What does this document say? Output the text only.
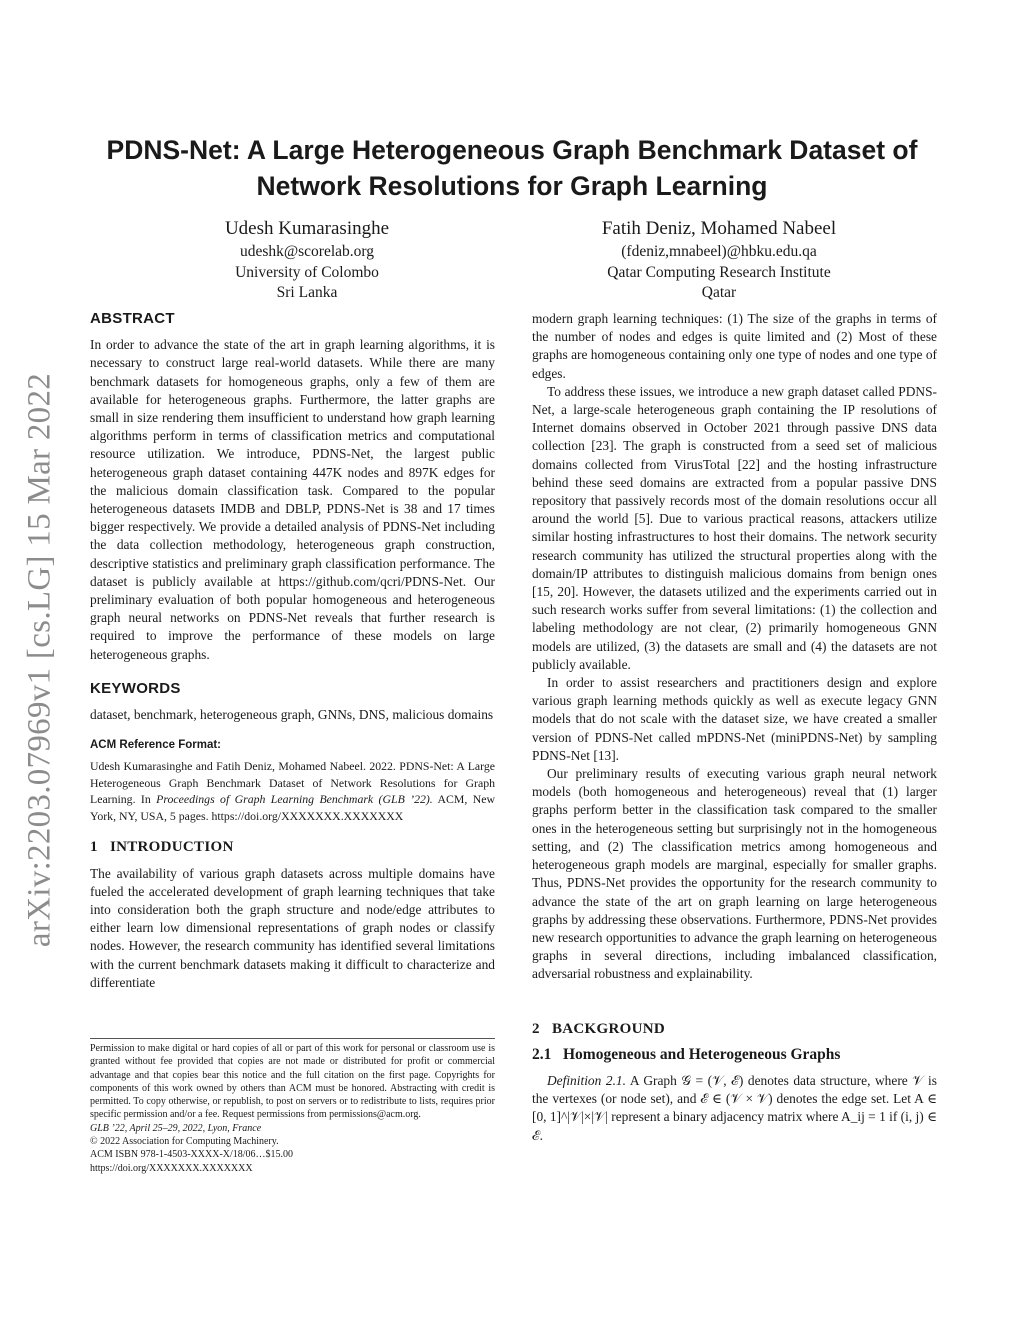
arXiv:2203.07969v1 [cs.LG] 15 Mar 2022
PDNS-Net: A Large Heterogeneous Graph Benchmark Dataset of Network Resolutions for Graph Learning
Udesh Kumarasinghe
udeshk@scorelab.org
University of Colombo
Sri Lanka
Fatih Deniz, Mohamed Nabeel
(fdeniz,mnabeel)@hbku.edu.qa
Qatar Computing Research Institute
Qatar
ABSTRACT

In order to advance the state of the art in graph learning algorithms, it is necessary to construct large real-world datasets. While there are many benchmark datasets for homogeneous graphs, only a few of them are available for heterogeneous graphs. Furthermore, the latter graphs are small in size rendering them insufficient to understand how graph learning algorithms perform in terms of classification metrics and computational resource utilization. We introduce, PDNS-Net, the largest public heterogeneous graph dataset containing 447K nodes and 897K edges for the malicious domain classification task. Compared to the popular heterogeneous datasets IMDB and DBLP, PDNS-Net is 38 and 17 times bigger respectively. We provide a detailed analysis of PDNS-Net including the data collection methodology, heterogeneous graph construction, descriptive statistics and preliminary graph classification performance. The dataset is publicly available at https://github.com/qcri/PDNS-Net. Our preliminary evaluation of both popular homogeneous and heterogeneous graph neural networks on PDNS-Net reveals that further research is required to improve the performance of these models on large heterogeneous graphs.

KEYWORDS

dataset, benchmark, heterogeneous graph, GNNs, DNS, malicious domains

ACM Reference Format:

Udesh Kumarasinghe and Fatih Deniz, Mohamed Nabeel. 2022. PDNS-Net: A Large Heterogeneous Graph Benchmark Dataset of Network Resolutions for Graph Learning. In Proceedings of Graph Learning Benchmark (GLB ’22). ACM, New York, NY, USA, 5 pages. https://doi.org/XXXXXXX.XXXXXXX

1 INTRODUCTION

The availability of various graph datasets across multiple domains have fueled the accelerated development of graph learning techniques that take into consideration both the graph structure and node/edge attributes to either learn low dimensional representations of graph nodes or classify nodes. However, the research community has identified several limitations with the current benchmark datasets making it difficult to characterize and differentiate

Permission to make digital or hard copies of all or part of this work for personal or classroom use is granted without fee provided that copies are not made or distributed for profit or commercial advantage and that copies bear this notice and the full citation on the first page. Copyrights for components of this work owned by others than ACM must be honored. Abstracting with credit is permitted. To copy otherwise, or republish, to post on servers or to redistribute to lists, requires prior specific permission and/or a fee. Request permissions from permissions@acm.org.

GLB ’22, April 25–29, 2022, Lyon, France
© 2022 Association for Computing Machinery.
ACM ISBN 978-1-4503-XXXX-X/18/06…$15.00
https://doi.org/XXXXXXX.XXXXXXX

modern graph learning techniques: (1) The size of the graphs in terms of the number of nodes and edges is quite limited and (2) Most of these graphs are homogeneous containing only one type of nodes and one type of edges.

To address these issues, we introduce a new graph dataset called PDNS-Net, a large-scale heterogeneous graph containing the IP resolutions of Internet domains observed in October 2021 through passive DNS data collection [23]. The graph is constructed from a seed set of malicious domains collected from VirusTotal [22] and the hosting infrastructure behind these seed domains are extracted from a popular passive DNS repository that passively records most of the domain resolutions occur all around the world [5]. Due to various practical reasons, attackers utilize similar hosting infrastructures to host their domains. The network security research community has utilized the structural properties along with the domain/IP attributes to distinguish malicious domains from benign ones [15, 20]. However, the datasets utilized and the experiments carried out in such research works suffer from several limitations: (1) the collection and labeling methodology are not clear, (2) primarily homogeneous GNN models are utilized, (3) the datasets are small and (4) the datasets are not publicly available.

In order to assist researchers and practitioners design and explore various graph learning methods quickly as well as execute legacy GNN models that do not scale with the dataset size, we have created a smaller version of PDNS-Net called mPDNS-Net (miniPDNS-Net) by sampling PDNS-Net [13].

Our preliminary results of executing various graph neural network models (both homogeneous and heterogeneous) reveal that (1) larger graphs perform better in the classification task compared to the smaller ones in the heterogeneous setting but surprisingly not in the homogeneous setting, and (2) The classification metrics among homogeneous and heterogeneous graph models are marginal, especially for smaller graphs. Thus, PDNS-Net provides the opportunity for the research community to advance the state of the art on graph learning on large heterogeneous graphs by addressing these observations. Furthermore, PDNS-Net provides new research opportunities to advance the graph learning on heterogeneous graphs in several directions, including imbalanced classification, adversarial robustness and explainability.

2 BACKGROUND
2.1 Homogeneous and Heterogeneous Graphs

Definition 2.1. A Graph 𝒢 = (𝒱, ℰ) denotes data structure, where 𝒱 is the vertexes (or node set), and ℰ ∈ (𝒱 × 𝒱) denotes the edge set. Let A ∈ [0, 1]^|𝒱|×|𝒱| represent a binary adjacency matrix where A_ij = 1 if (i, j) ∈ ℰ.
